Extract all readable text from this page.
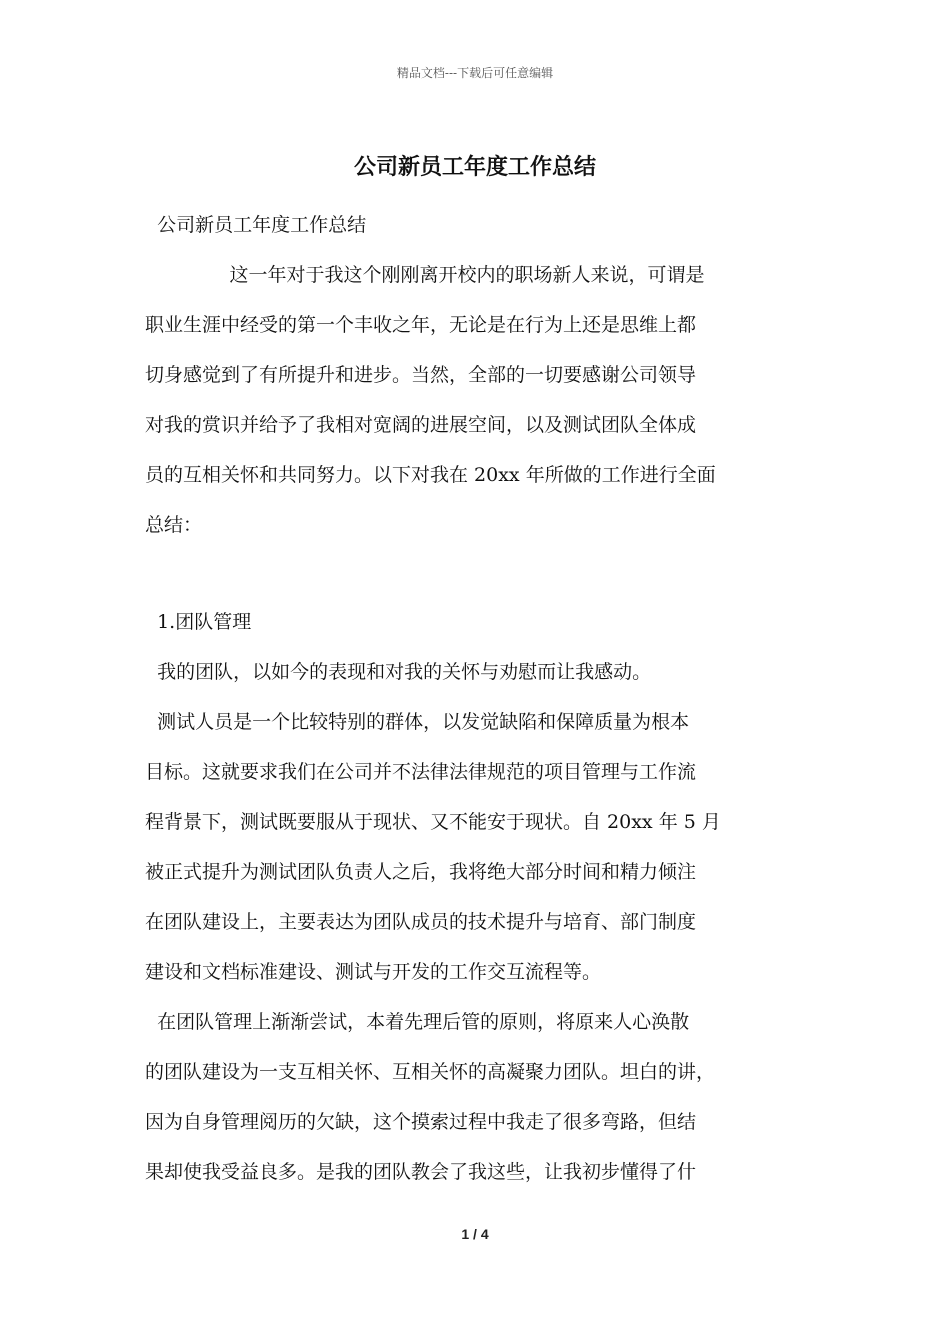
精品文档---下载后可任意编辑
公司新员工年度工作总结
公司新员工年度工作总结
这一年对于我这个刚刚离开校内的职场新人来说，可谓是
职业生涯中经受的第一个丰收之年，无论是在行为上还是思维上都
切身感觉到了有所提升和进步。当然，全部的一切要感谢公司领导
对我的赏识并给予了我相对宽阔的进展空间，以及测试团队全体成
员的互相关怀和共同努力。以下对我在 20xx 年所做的工作进行全面
总结：
1.团队管理
我的团队，以如今的表现和对我的关怀与劝慰而让我感动。
测试人员是一个比较特别的群体，以发觉缺陷和保障质量为根本
目标。这就要求我们在公司并不法律法律规范的项目管理与工作流
程背景下，测试既要服从于现状、又不能安于现状。自 20xx 年 5 月
被正式提升为测试团队负责人之后，我将绝大部分时间和精力倾注
在团队建设上，主要表达为团队成员的技术提升与培育、部门制度
建设和文档标准建设、测试与开发的工作交互流程等。
在团队管理上渐渐尝试，本着先理后管的原则，将原来人心涣散
的团队建设为一支互相关怀、互相关怀的高凝聚力团队。坦白的讲，
因为自身管理阅历的欠缺，这个摸索过程中我走了很多弯路，但结
果却使我受益良多。是我的团队教会了我这些，让我初步懂得了什
1 / 4
